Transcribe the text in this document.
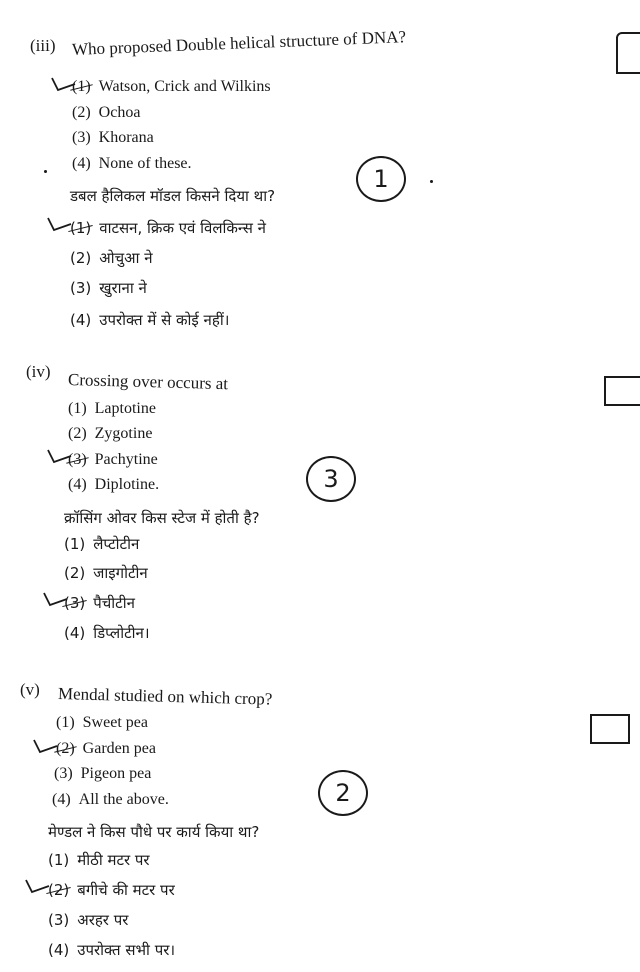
(iii) Who proposed Double helical structure of DNA?
(1) Watson, Crick and Wilkins
(2) Ochoa
(3) Khorana
(4) None of these.
1
डबल हैलिकल मॉडल किसने दिया था?
(1) वाटसन, क्रिक एवं विलकिन्स ने
(2) ओचुआ ने
(3) खुराना ने
(4) उपरोक्त में से कोई नहीं।
(iv) Crossing over occurs at
(1) Laptotine
(2) Zygotine
(3) Pachytine
(4) Diplotine.	3
क्रॉसिंग ओवर किस स्टेज में होती है?
(1) लैप्टोटीन
(2) जाइगोटीन
(3) पैचीटीन
(4) डिप्लोटीन।
(v) Mendal studied on which crop?
(1) Sweet pea
(2) Garden pea
(3) Pigeon pea
(4) All the above.	2
मेण्डल ने किस पौधे पर कार्य किया था?
(1) मीठी मटर पर
(2) बगीचे की मटर पर
(3) अरहर पर
(4) उपरोक्त सभी पर।
